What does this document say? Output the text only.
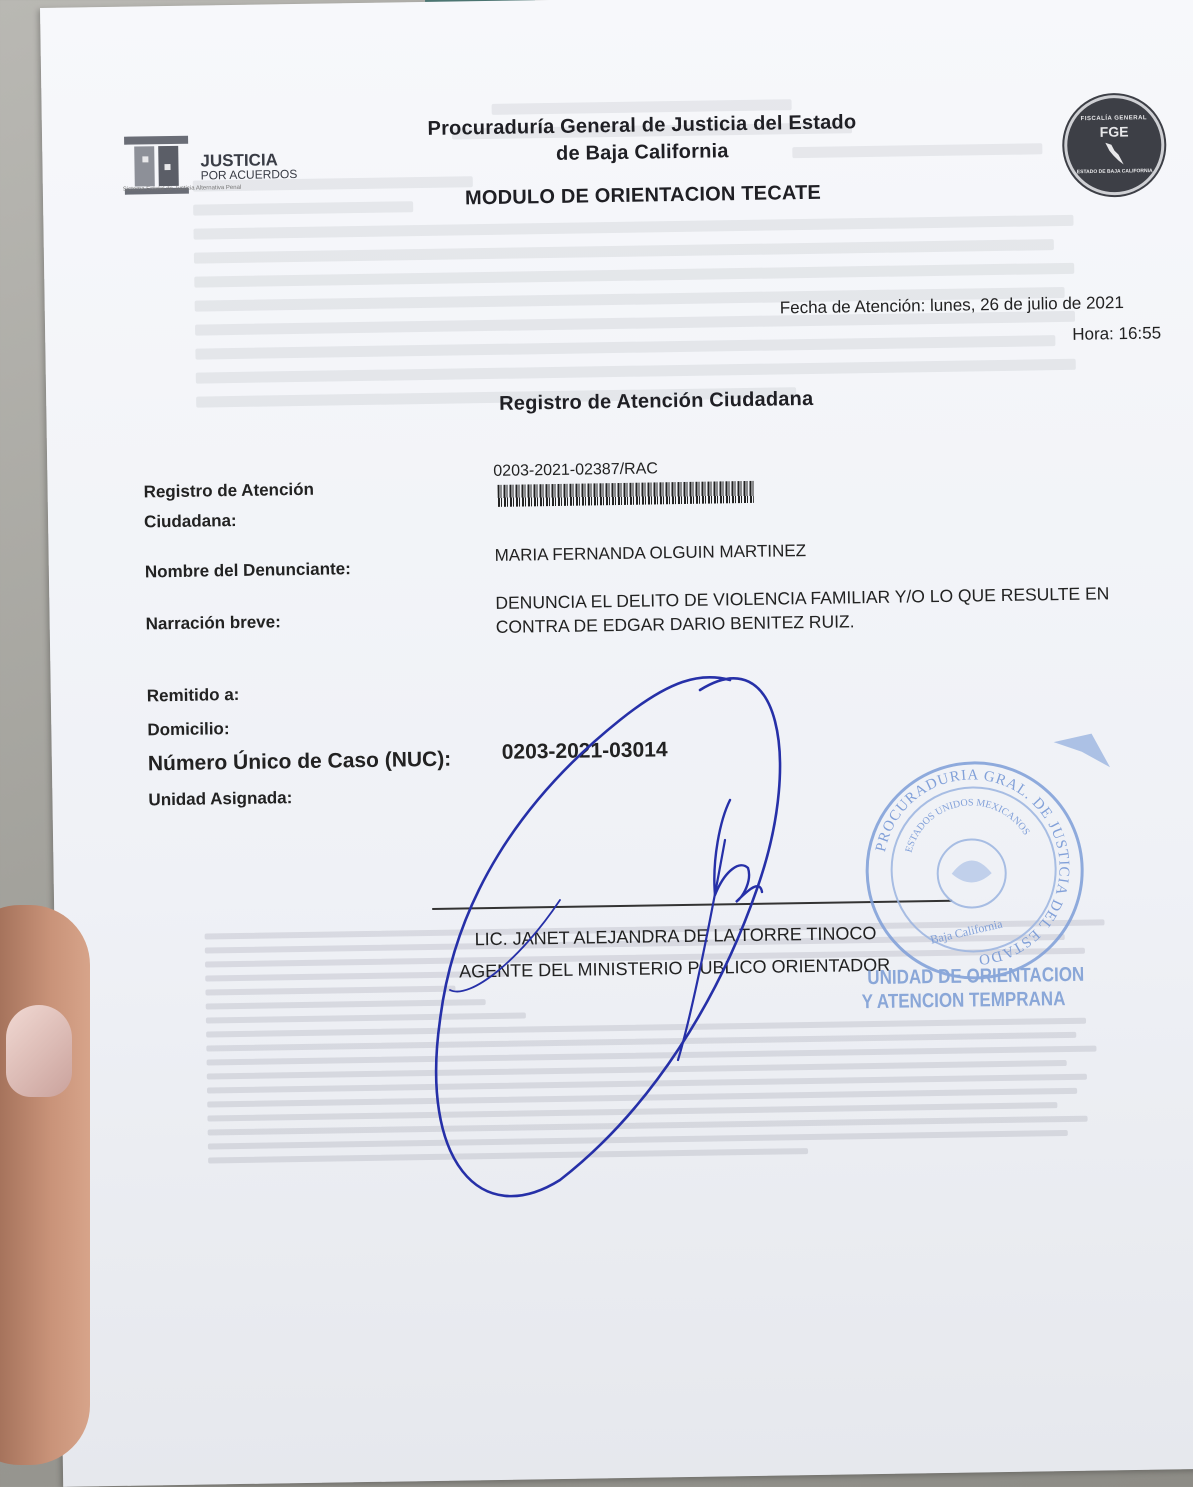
JUSTICIA
POR ACUERDOS
Sistema Estatal de Justicia Alternativa Penal
FISCALÍA GENERAL
FGE
ESTADO DE BAJA CALIFORNIA
Procuraduría General de Justicia del Estado
de Baja California
MODULO DE ORIENTACION TECATE
Fecha de Atención: lunes, 26 de julio de 2021
Hora: 16:55
Registro de Atención Ciudadana
Registro de Atención
Ciudadana:
0203-2021-02387/RAC
Nombre del Denunciante:
MARIA FERNANDA OLGUIN MARTINEZ
Narración breve:
DENUNCIA EL DELITO DE VIOLENCIA FAMILIAR Y/O LO QUE RESULTE EN
CONTRA DE EDGAR DARIO BENITEZ RUIZ.
Remitido a:
Domicilio:
Número Único de Caso (NUC): 0203-2021-03014
Unidad Asignada:
LIC. JANET ALEJANDRA DE LA TORRE TINOCO
AGENTE DEL MINISTERIO PUBLICO ORIENTADOR
PROCURADURIA GRAL. DE JUSTICIA DEL ESTADO
ESTADOS UNIDOS MEXICANOS
Baja California
UNIDAD DE ORIENTACION
Y ATENCION TEMPRANA
